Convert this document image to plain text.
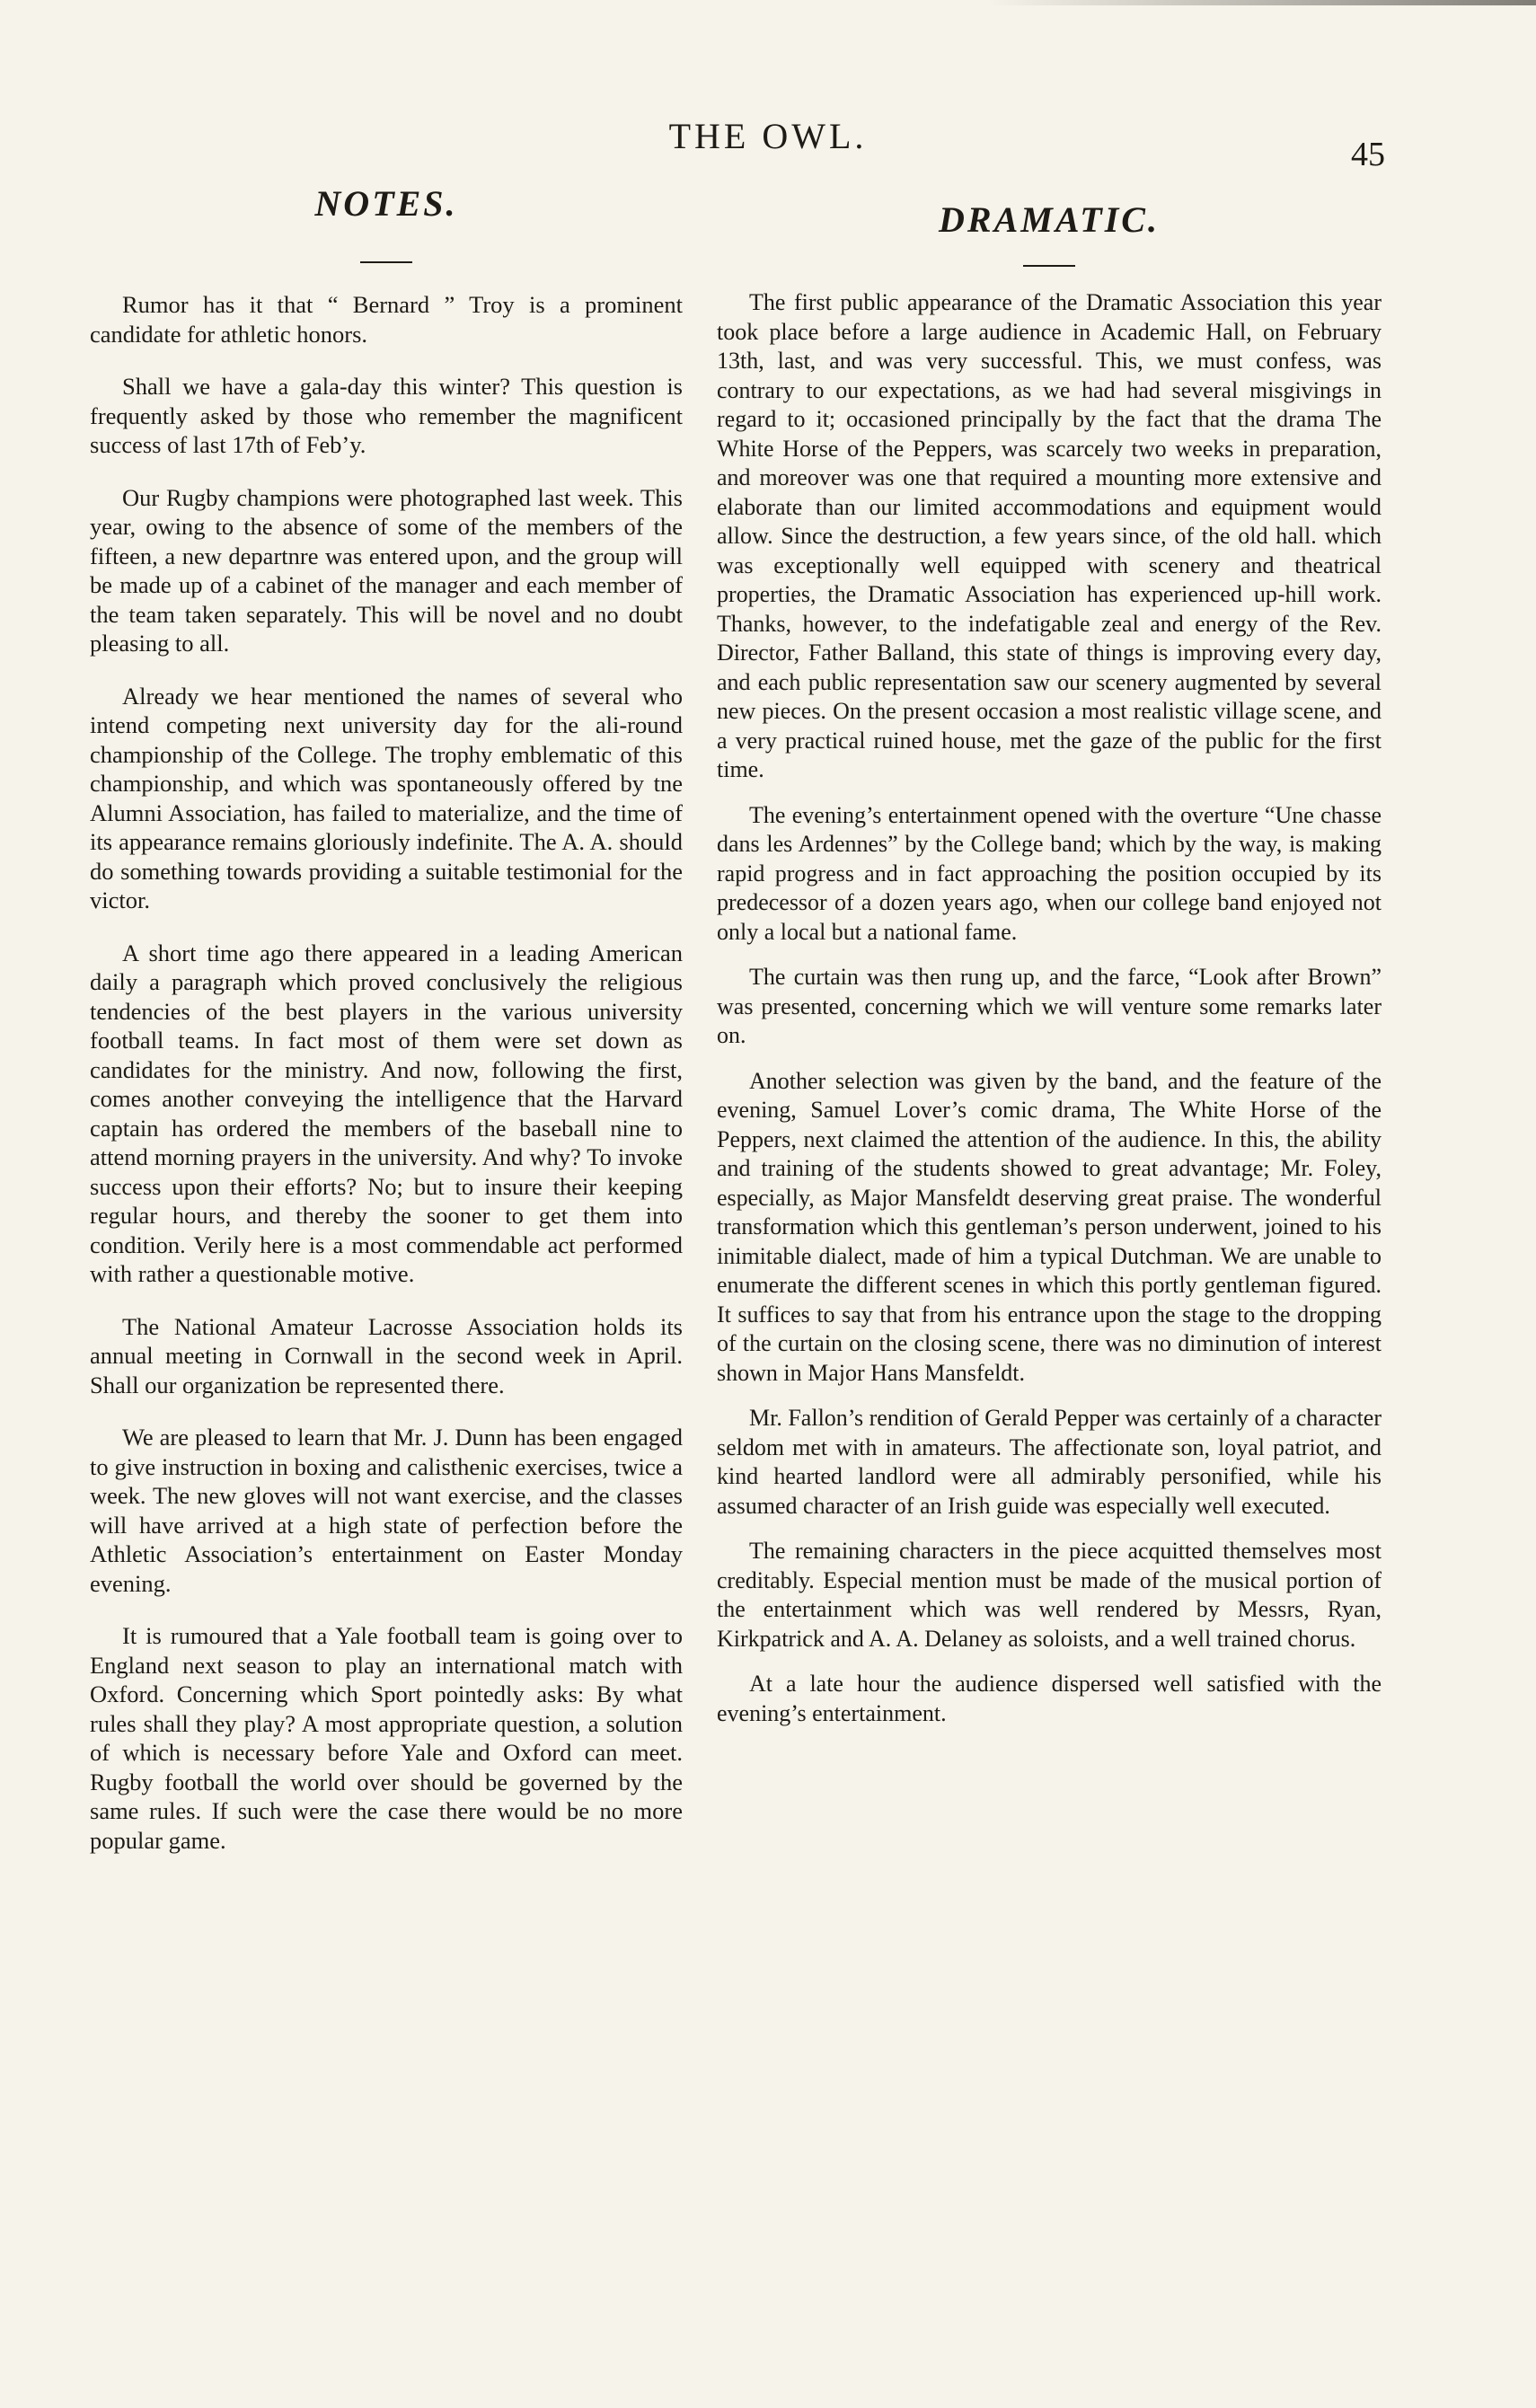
THE OWL.	45
NOTES.

Rumor has it that “ Bernard ” Troy is a prominent candidate for athletic honors.

Shall we have a gala-day this winter? This question is frequently asked by those who remember the magnificent success of last 17th of Feb’y.

Our Rugby champions were photographed last week. This year, owing to the absence of some of the members of the fifteen, a new departnre was entered upon, and the group will be made up of a cabinet of the manager and each member of the team taken separately. This will be novel and no doubt pleasing to all.

Already we hear mentioned the names of several who intend competing next university day for the ali-round championship of the College. The trophy emblematic of this championship, and which was spontaneously offered by tne Alumni Association, has failed to materialize, and the time of its appearance remains gloriously indefinite. The A. A. should do something towards providing a suitable testimonial for the victor.

A short time ago there appeared in a leading American daily a paragraph which proved conclusively the religious tendencies of the best players in the various university football teams. In fact most of them were set down as candidates for the ministry. And now, following the first, comes another conveying the intelligence that the Harvard captain has ordered the members of the baseball nine to attend morning prayers in the university. And why? To invoke success upon their efforts? No; but to insure their keeping regular hours, and thereby the sooner to get them into condition. Verily here is a most commendable act performed with rather a questionable motive.

The National Amateur Lacrosse Association holds its annual meeting in Cornwall in the second week in April. Shall our organization be represented there.

We are pleased to learn that Mr. J. Dunn has been engaged to give instruction in boxing and calisthenic exercises, twice a week. The new gloves will not want exercise, and the classes will have arrived at a high state of perfection before the Athletic Association’s entertainment on Easter Monday evening.

It is rumoured that a Yale football team is going over to England next season to play an international match with Oxford. Concerning which Sport pointedly asks: By what rules shall they play? A most appropriate question, a solution of which is necessary before Yale and Oxford can meet. Rugby football the world over should be governed by the same rules. If such were the case there would be no more popular game.

DRAMATIC.

The first public appearance of the Dramatic Association this year took place before a large audience in Academic Hall, on February 13th, last, and was very successful. This, we must confess, was contrary to our expectations, as we had had several misgivings in regard to it; occasioned principally by the fact that the drama The White Horse of the Peppers, was scarcely two weeks in preparation, and moreover was one that required a mounting more extensive and elaborate than our limited accommodations and equipment would allow. Since the destruction, a few years since, of the old hall. which was exceptionally well equipped with scenery and theatrical properties, the Dramatic Association has experienced up-hill work. Thanks, however, to the indefatigable zeal and energy of the Rev. Director, Father Balland, this state of things is improving every day, and each public representation saw our scenery augmented by several new pieces. On the present occasion a most realistic village scene, and a very practical ruined house, met the gaze of the public for the first time.

The evening’s entertainment opened with the overture “Une chasse dans les Ardennes” by the College band; which by the way, is making rapid progress and in fact approaching the position occupied by its predecessor of a dozen years ago, when our college band enjoyed not only a local but a national fame.

The curtain was then rung up, and the farce, “Look after Brown” was presented, concerning which we will venture some remarks later on.

Another selection was given by the band, and the feature of the evening, Samuel Lover’s comic drama, The White Horse of the Peppers, next claimed the attention of the audience. In this, the ability and training of the students showed to great advantage; Mr. Foley, especially, as Major Mansfeldt deserving great praise. The wonderful transformation which this gentleman’s person underwent, joined to his inimitable dialect, made of him a typical Dutchman. We are unable to enumerate the different scenes in which this portly gentleman figured. It suffices to say that from his entrance upon the stage to the dropping of the curtain on the closing scene, there was no diminution of interest shown in Major Hans Mansfeldt.

Mr. Fallon’s rendition of Gerald Pepper was certainly of a character seldom met with in amateurs. The affectionate son, loyal patriot, and kind hearted landlord were all admirably personified, while his assumed character of an Irish guide was especially well executed.

The remaining characters in the piece acquitted themselves most creditably. Especial mention must be made of the musical portion of the entertainment which was well rendered by Messrs, Ryan, Kirkpatrick and A. A. Delaney as soloists, and a well trained chorus.

At a late hour the audience dispersed well satisfied with the evening’s entertainment.
